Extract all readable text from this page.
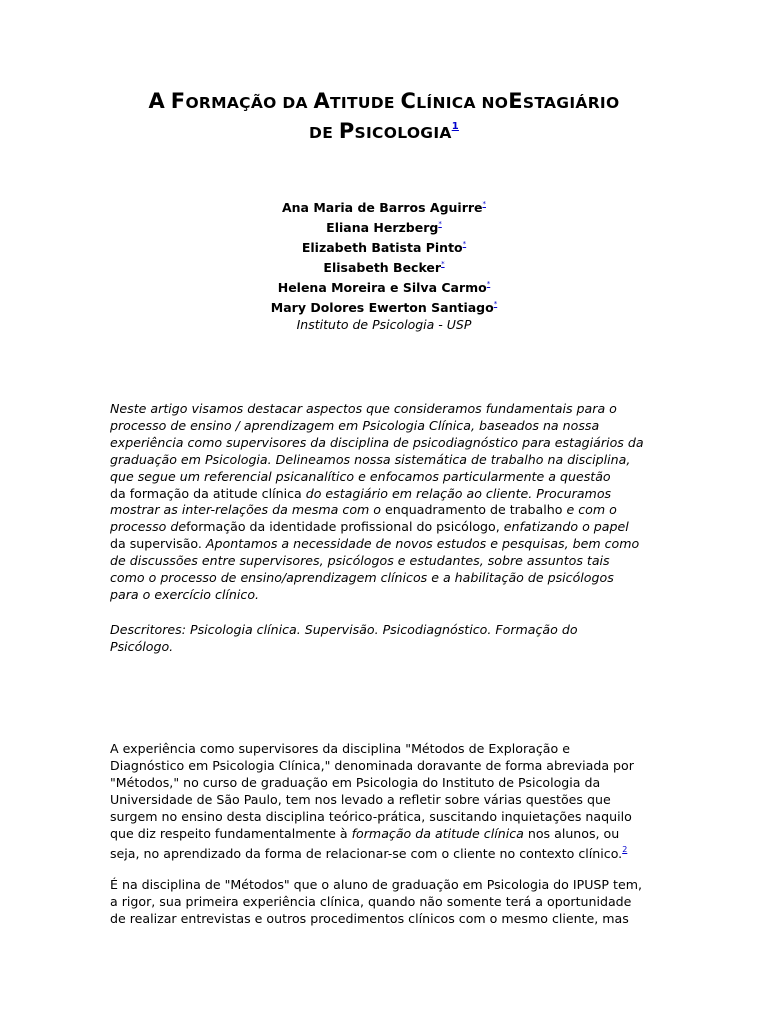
A FORMAÇÃO DA ATITUDE CLÍNICA NOESTAGIÁRIO
DE PSICOLOGIA$^1$
Ana Maria de Barros Aguirre*
Eliana Herzberg*
Elizabeth Batista Pinto*
Elisabeth Becker*
Helena Moreira e Silva Carmo*
Mary Dolores Ewerton Santiago*
Instituto de Psicologia - USP
Neste artigo visamos destacar aspectos que consideramos fundamentais para o
processo de ensino / aprendizagem em Psicologia Clínica, baseados na nossa
experiência como supervisores da disciplina de psicodiagnóstico para estagiários da
graduação em Psicologia. Delineamos nossa sistemática de trabalho na disciplina,
que segue um referencial psicanalítico e enfocamos particularmente a questão
da formação da atitude clínica do estagiário em relação ao cliente. Procuramos
mostrar as inter-relações da mesma com o enquadramento de trabalho e com o
processo deformação da identidade profissional do psicólogo, enfatizando o papel
da supervisão. Apontamos a necessidade de novos estudos e pesquisas, bem como
de discussões entre supervisores, psicólogos e estudantes, sobre assuntos tais
como o processo de ensino/aprendizagem clínicos e a habilitação de psicólogos
para o exercício clínico.
Descritores: Psicologia clínica. Supervisão. Psicodiagnóstico. Formação do
Psicólogo.
A experiência como supervisores da disciplina "Métodos de Exploração e
Diagnóstico em Psicologia Clínica," denominada doravante de forma abreviada por
"Métodos," no curso de graduação em Psicologia do Instituto de Psicologia da
Universidade de São Paulo, tem nos levado a refletir sobre várias questões que
surgem no ensino desta disciplina teórico-prática, suscitando inquietações naquilo
que diz respeito fundamentalmente à formação da atitude clínica nos alunos, ou
seja, no aprendizado da forma de relacionar-se com o cliente no contexto clínico.$^2$
É na disciplina de "Métodos" que o aluno de graduação em Psicologia do IPUSP tem,
a rigor, sua primeira experiência clínica, quando não somente terá a oportunidade
de realizar entrevistas e outros procedimentos clínicos com o mesmo cliente, mas
